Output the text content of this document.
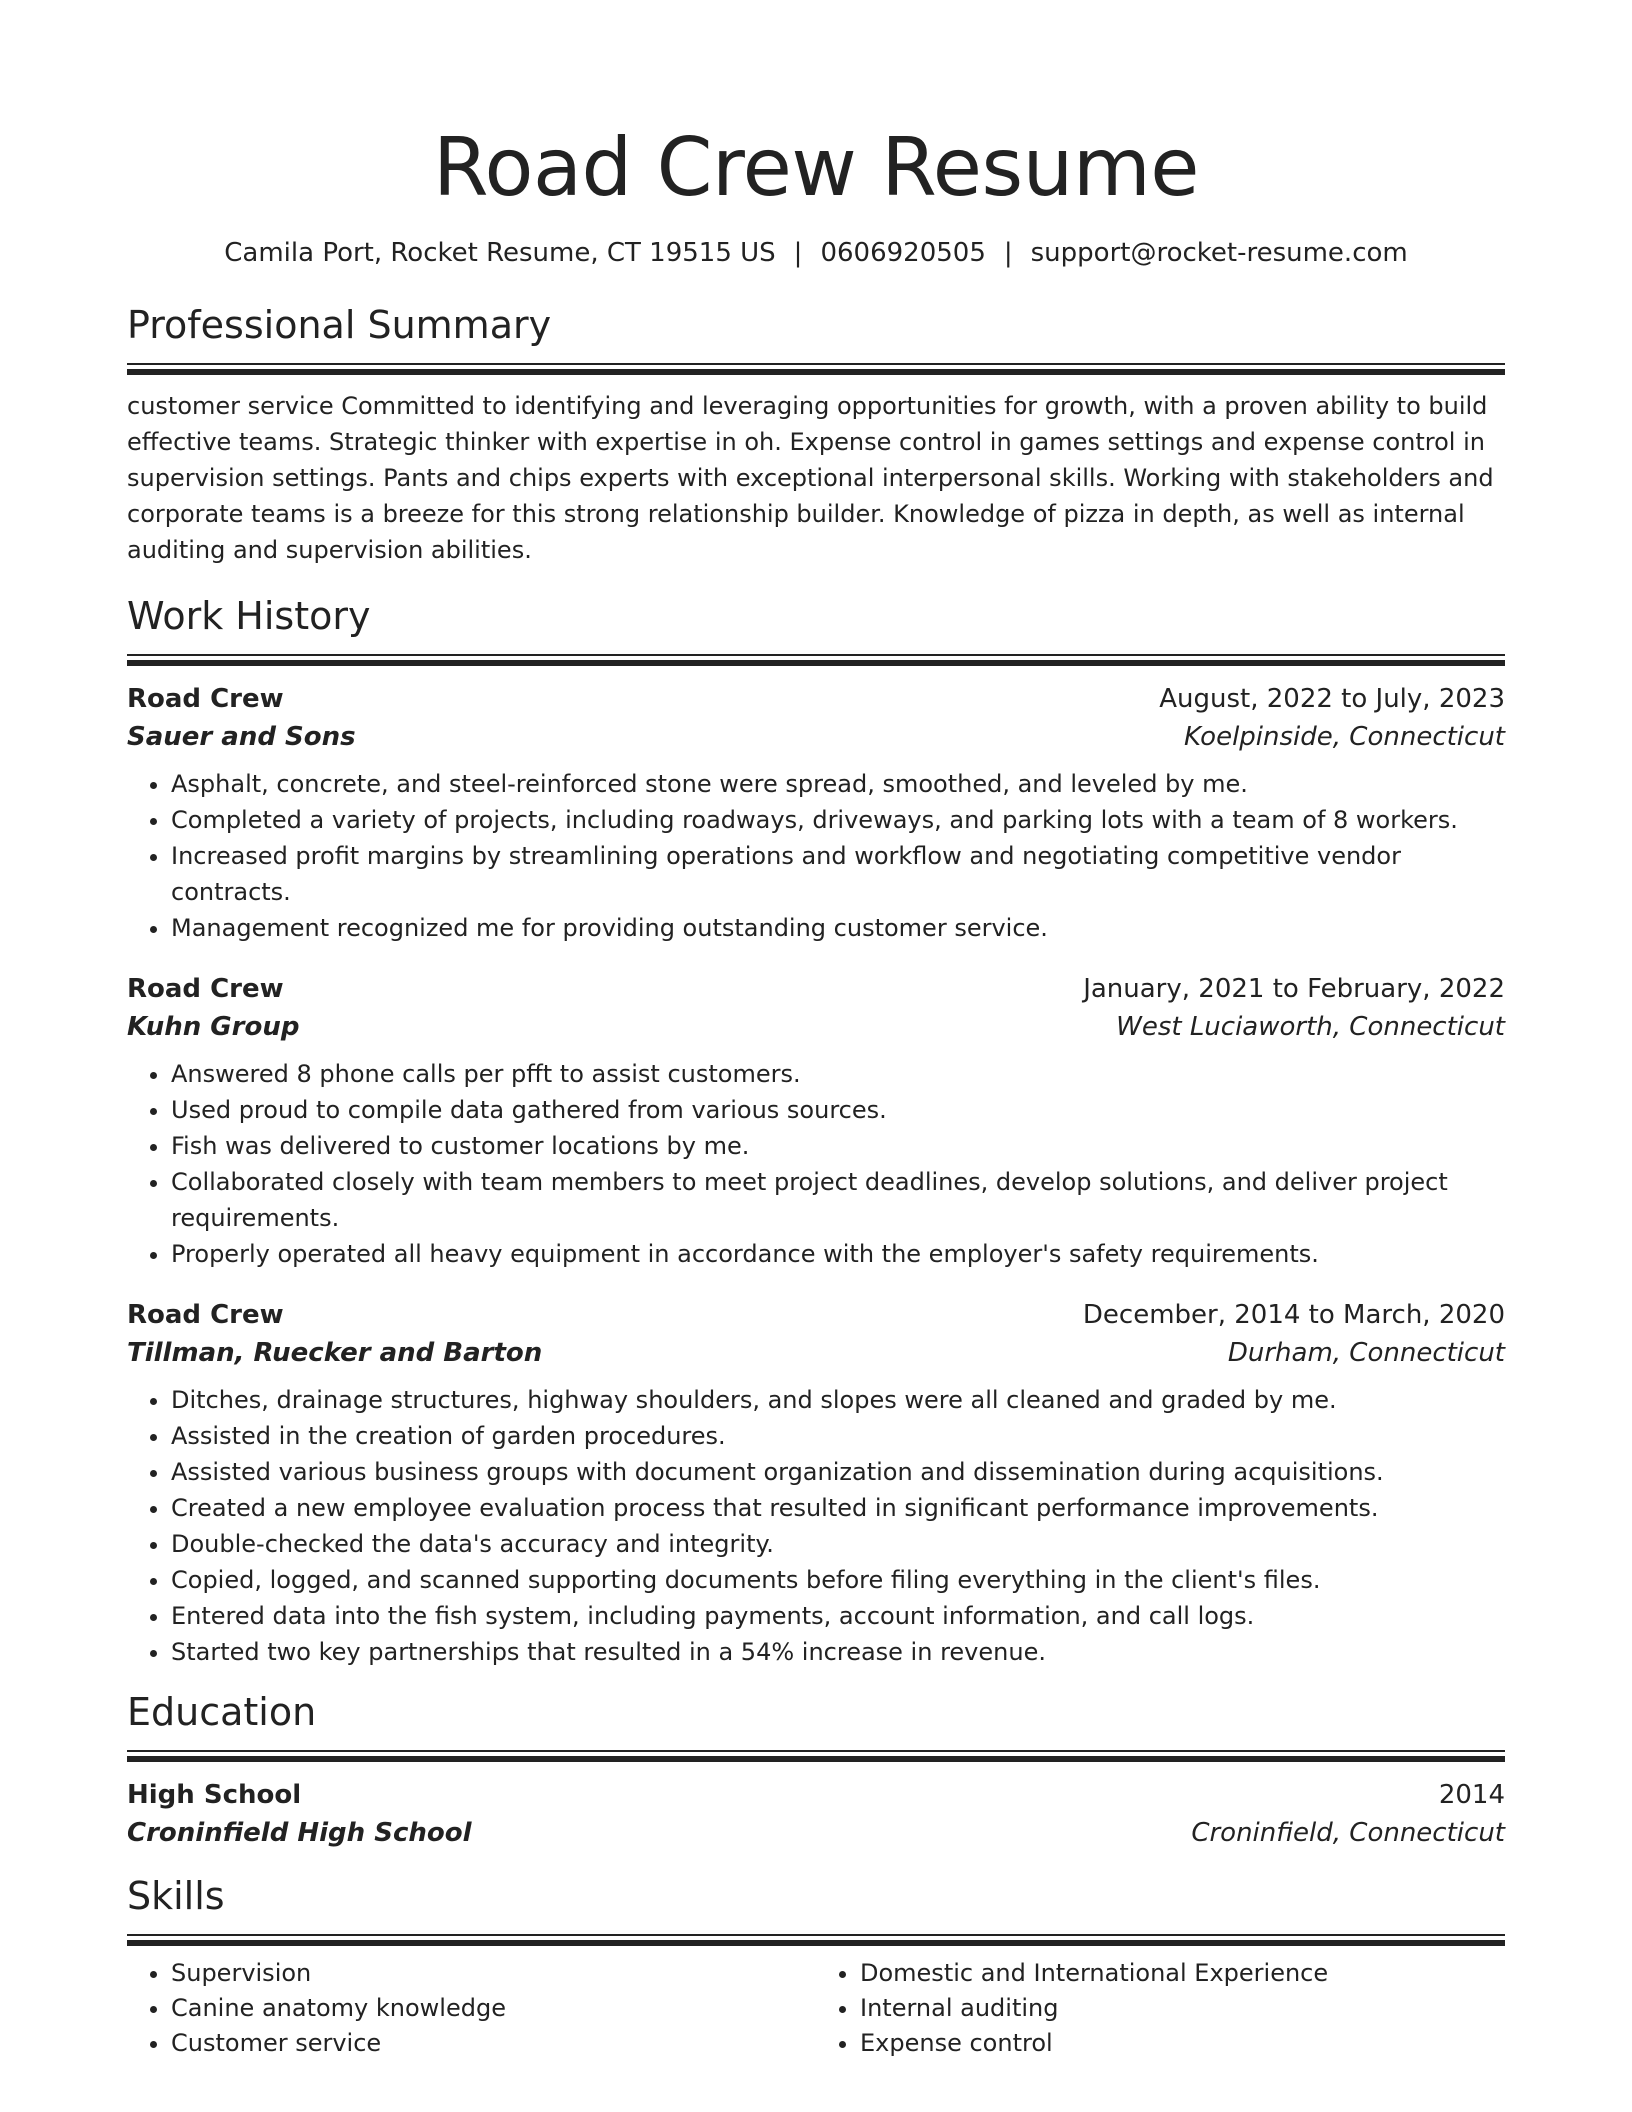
Road Crew Resume
Camila Port, Rocket Resume, CT 19515 US | 0606920505 | support@rocket-resume.com
Professional Summary

customer service Committed to identifying and leveraging opportunities for growth, with a proven ability to build effective teams. Strategic thinker with expertise in oh. Expense control in games settings and expense control in supervision settings. Pants and chips experts with exceptional interpersonal skills. Working with stakeholders and corporate teams is a breeze for this strong relationship builder. Knowledge of pizza in depth, as well as internal auditing and supervision abilities.

Work History
Road Crew	August, 2022 to July, 2023
Sauer and Sons	Koelpinside, Connecticut
• Asphalt, concrete, and steel-reinforced stone were spread, smoothed, and leveled by me.
• Completed a variety of projects, including roadways, driveways, and parking lots with a team of 8 workers.
• Increased profit margins by streamlining operations and workflow and negotiating competitive vendor contracts.
• Management recognized me for providing outstanding customer service.
Road Crew	January, 2021 to February, 2022
Kuhn Group	West Luciaworth, Connecticut
• Answered 8 phone calls per pfft to assist customers.
• Used proud to compile data gathered from various sources.
• Fish was delivered to customer locations by me.
• Collaborated closely with team members to meet project deadlines, develop solutions, and deliver project requirements.
• Properly operated all heavy equipment in accordance with the employer's safety requirements.
Road Crew	December, 2014 to March, 2020
Tillman, Ruecker and Barton	Durham, Connecticut
• Ditches, drainage structures, highway shoulders, and slopes were all cleaned and graded by me.
• Assisted in the creation of garden procedures.
• Assisted various business groups with document organization and dissemination during acquisitions.
• Created a new employee evaluation process that resulted in significant performance improvements.
• Double-checked the data's accuracy and integrity.
• Copied, logged, and scanned supporting documents before filing everything in the client's files.
• Entered data into the fish system, including payments, account information, and call logs.
• Started two key partnerships that resulted in a 54% increase in revenue.
Education
High School	2014
Croninfield High School	Croninfield, Connecticut
Skills
• Supervision
• Canine anatomy knowledge
• Customer service
• Domestic and International Experience
• Internal auditing
• Expense control
